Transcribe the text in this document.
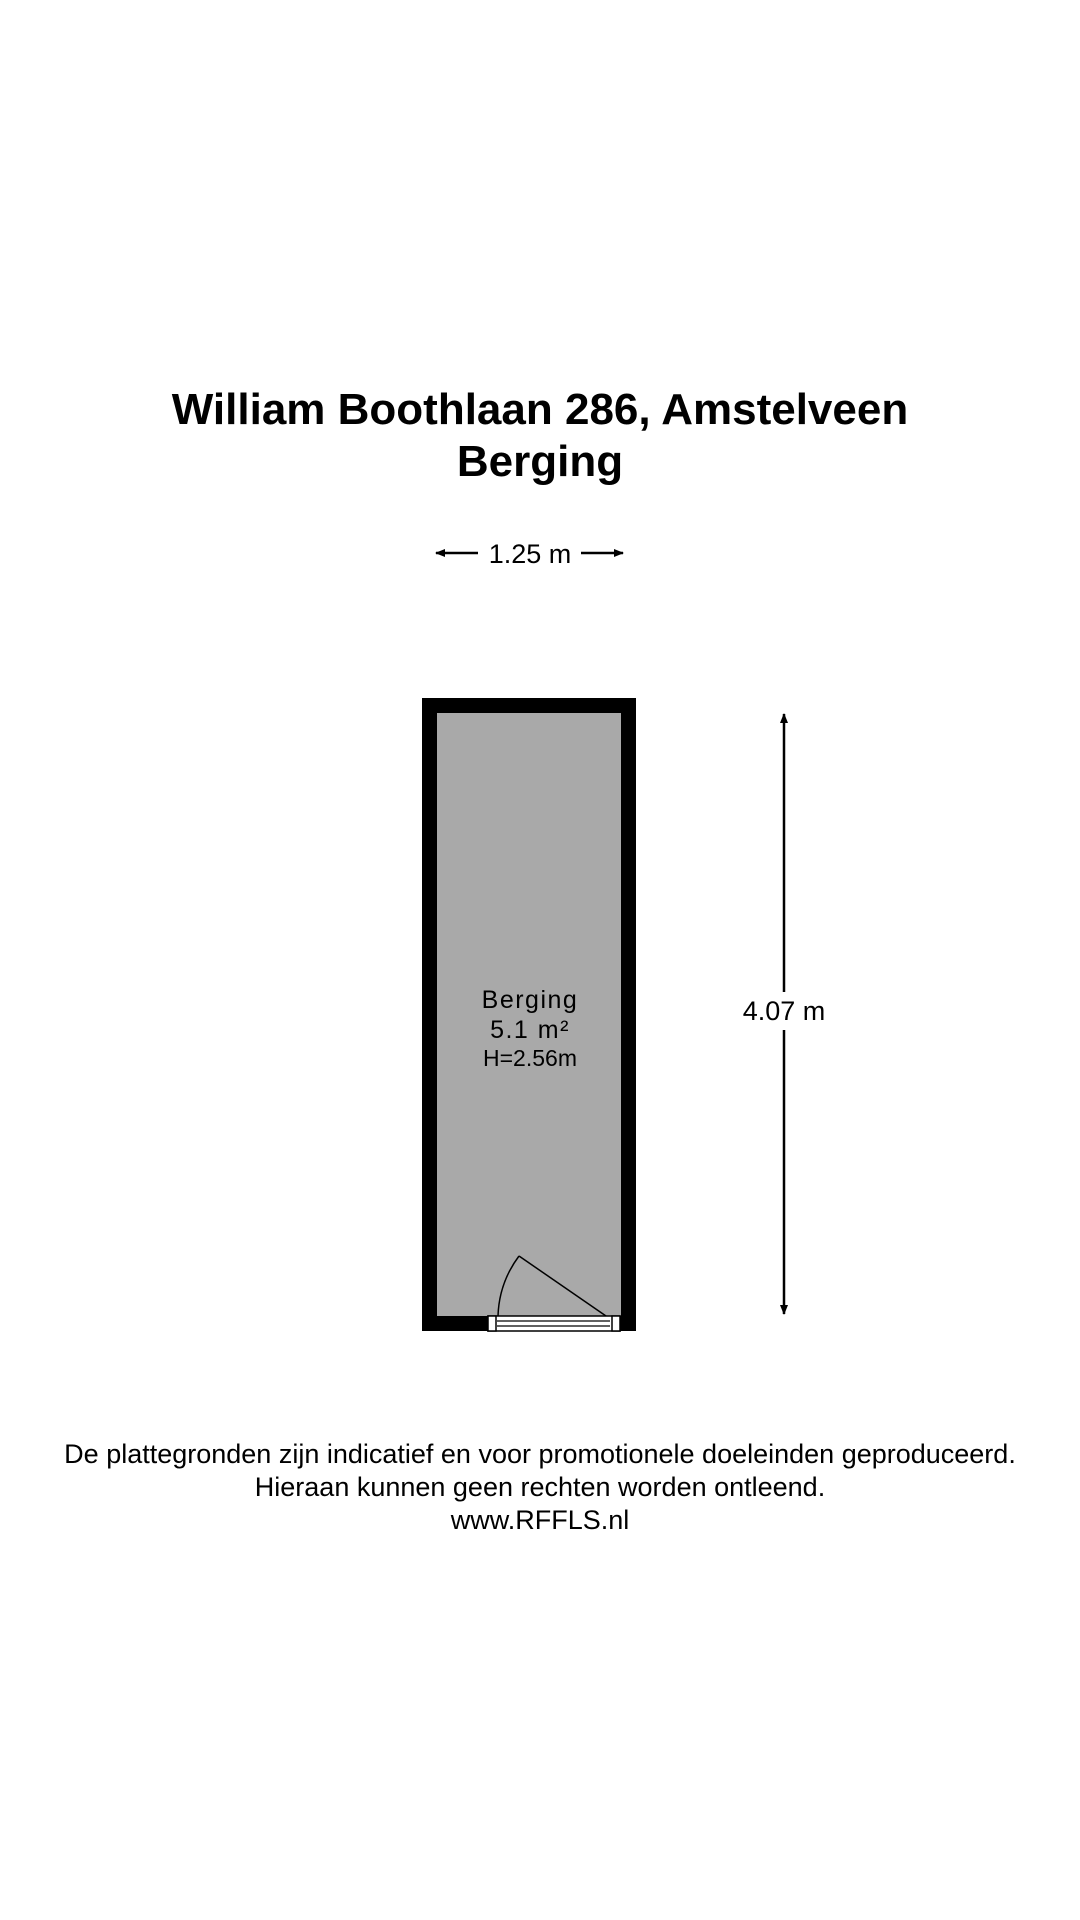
William Boothlaan 286, Amstelveen
Berging
1.25 m
Berging
5.1 m²
H=2.56m
4.07 m
De plattegronden zijn indicatief en voor promotionele doeleinden geproduceerd.
Hieraan kunnen geen rechten worden ontleend.
www.RFFLS.nl
